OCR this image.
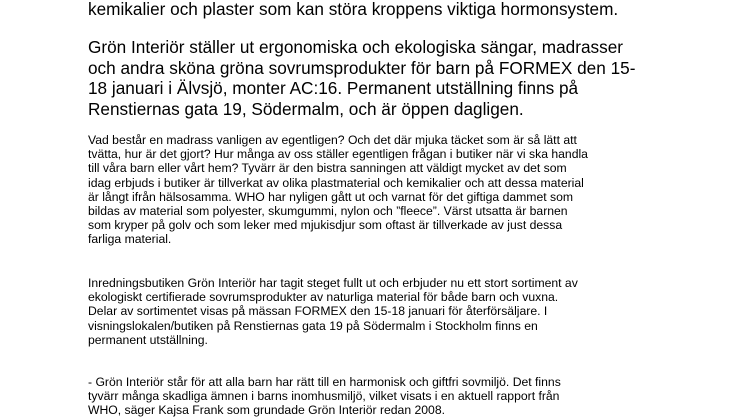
kemikalier och plaster som kan störa kroppens viktiga hormonsystem.

Grön Interiör ställer ut ergonomiska och ekologiska sängar, madrasser
och andra sköna gröna sovrumsprodukter för barn på FORMEX den 15-
18 januari i Älvsjö, monter AC:16. Permanent utställning finns på
Renstiernas gata 19, Södermalm, och är öppen dagligen.

Vad består en madrass vanligen av egentligen? Och det där mjuka täcket som är så lätt att
tvätta, hur är det gjort? Hur många av oss ställer egentligen frågan i butiker när vi ska handla
till våra barn eller vårt hem? Tyvärr är den bistra sanningen att väldigt mycket av det som
idag erbjuds i butiker är tillverkat av olika plastmaterial och kemikalier och att dessa material
är långt ifrån hälsosamma. WHO har nyligen gått ut och varnat för det giftiga dammet som
bildas av material som polyester, skumgummi, nylon och ”fleece”. Värst utsatta är barnen
som kryper på golv och som leker med mjukisdjur som oftast är tillverkade av just dessa
farliga material.

Inredningsbutiken Grön Interiör har tagit steget fullt ut och erbjuder nu ett stort sortiment av
ekologiskt certifierade sovrumsprodukter av naturliga material för både barn och vuxna.
Delar av sortimentet visas på mässan FORMEX den 15-18 januari för återförsäljare. I
visningslokalen/butiken på Renstiernas gata 19 på Södermalm i Stockholm finns en
permanent utställning.

- Grön Interiör står för att alla barn har rätt till en harmonisk och giftfri sovmiljö. Det finns
tyvärr många skadliga ämnen i barns inomhusmiljö, vilket visats i en aktuell rapport från
WHO, säger Kajsa Frank som grundade Grön Interiör redan 2008.
